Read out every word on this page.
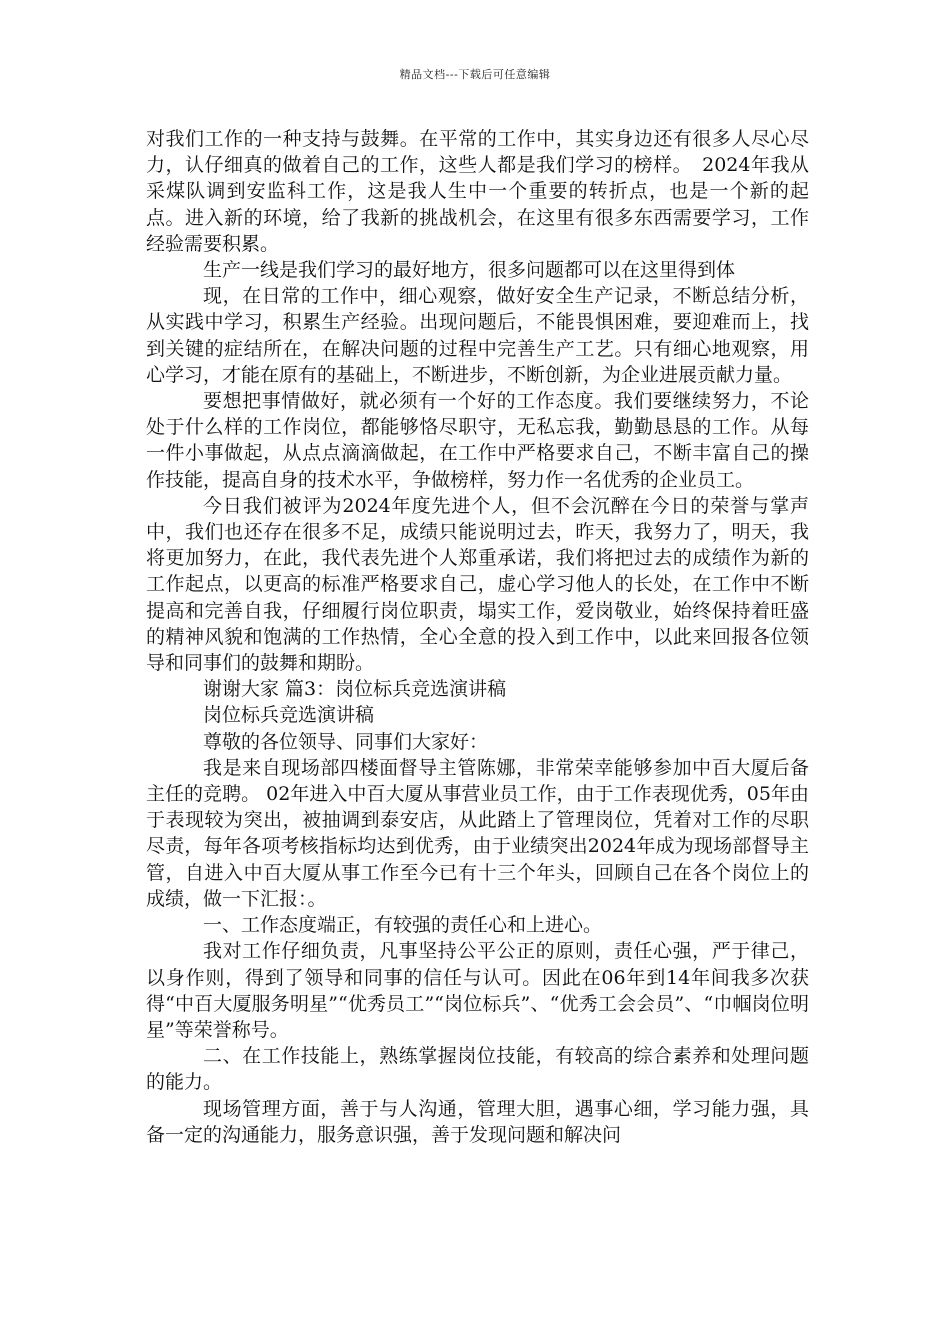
精品文档---下载后可任意编辑

对我们工作的一种支持与鼓舞。在平常的工作中，其实身边还有很多人尽心尽力，认仔细真的做着自己的工作，这些人都是我们学习的榜样。　2024年我从采煤队调到安监科工作，这是我人生中一个重要的转折点，也是一个新的起点。进入新的环境，给了我新的挑战机会，在这里有很多东西需要学习，工作经验需要积累。

生产一线是我们学习的最好地方，很多问题都可以在这里得到体

现，在日常的工作中，细心观察，做好安全生产记录，不断总结分析，从实践中学习，积累生产经验。出现问题后，不能畏惧困难，要迎难而上，找到关键的症结所在，在解决问题的过程中完善生产工艺。只有细心地观察，用心学习，才能在原有的基础上，不断进步，不断创新，为企业进展贡献力量。

要想把事情做好，就必须有一个好的工作态度。我们要继续努力，不论处于什么样的工作岗位，都能够恪尽职守，无私忘我，勤勤恳恳的工作。从每一件小事做起，从点点滴滴做起，在工作中严格要求自己，不断丰富自己的操作技能，提高自身的技术水平，争做榜样，努力作一名优秀的企业员工。

今日我们被评为2024年度先进个人，但不会沉醉在今日的荣誉与掌声中，我们也还存在很多不足，成绩只能说明过去，昨天，我努力了，明天，我将更加努力，在此，我代表先进个人郑重承诺，我们将把过去的成绩作为新的工作起点，以更高的标准严格要求自己，虚心学习他人的长处，在工作中不断提高和完善自我，仔细履行岗位职责，塌实工作，爱岗敬业，始终保持着旺盛的精神风貌和饱满的工作热情，全心全意的投入到工作中，以此来回报各位领导和同事们的鼓舞和期盼。

谢谢大家 篇3：岗位标兵竞选演讲稿

岗位标兵竞选演讲稿

尊敬的各位领导、同事们大家好：

我是来自现场部四楼面督导主管陈娜，非常荣幸能够参加中百大厦后备主任的竞聘。 02年进入中百大厦从事营业员工作，由于工作表现优秀，05年由于表现较为突出，被抽调到泰安店，从此踏上了管理岗位，凭着对工作的尽职尽责，每年各项考核指标均达到优秀，由于业绩突出2024年成为现场部督导主管，自进入中百大厦从事工作至今已有十三个年头，回顾自己在各个岗位上的成绩，做一下汇报：。

一、工作态度端正，有较强的责任心和上进心。

我对工作仔细负责，凡事坚持公平公正的原则，责任心强，严于律己，以身作则，得到了领导和同事的信任与认可。因此在06年到14年间我多次获得“中百大厦服务明星”“优秀员工”“岗位标兵”、“优秀工会会员”、“巾帼岗位明星”等荣誉称号。

二、在工作技能上，熟练掌握岗位技能，有较高的综合素养和处理问题的能力。

现场管理方面，善于与人沟通，管理大胆，遇事心细，学习能力强，具备一定的沟通能力，服务意识强，善于发现问题和解决问
